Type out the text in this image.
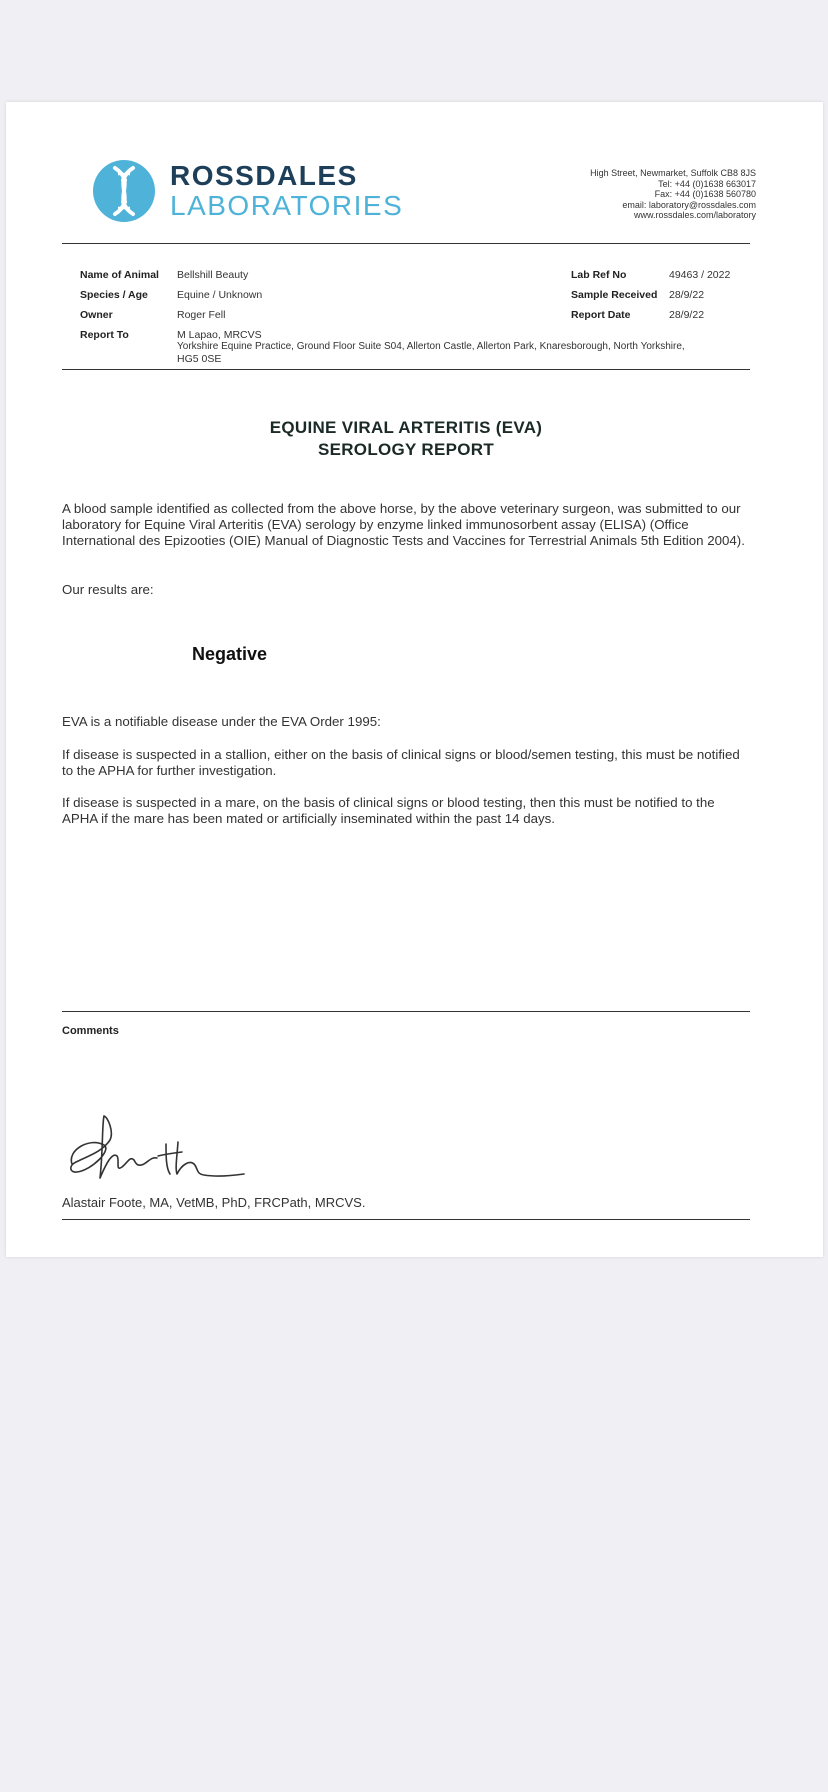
ROSSDALES
LABORATORIES
High Street, Newmarket, Suffolk CB8 8JS
Tel: +44 (0)1638 663017
Fax: +44 (0)1638 560780
email: laboratory@rossdales.com
www.rossdales.com/laboratory
Name of Animal Bellshill Beauty
Species / Age	Equine / Unknown
Owner	Roger Fell
Report To	M Lapao, MRCVS
Yorkshire Equine Practice, Ground Floor Suite S04, Allerton Castle, Allerton Park, Knaresborough, North Yorkshire,
HG5 0SE
Lab Ref No	49463 / 2022
Sample Received 28/9/22
Report Date	28/9/22
EQUINE VIRAL ARTERITIS (EVA)
SEROLOGY REPORT
A blood sample identified as collected from the above horse, by the above veterinary surgeon, was submitted to our laboratory for Equine Viral Arteritis (EVA) serology by enzyme linked immunosorbent assay (ELISA) (Office International des Epizooties (OIE) Manual of Diagnostic Tests and Vaccines for Terrestrial Animals 5th Edition 2004).
Our results are:
Negative
EVA is a notifiable disease under the EVA Order 1995:
If disease is suspected in a stallion, either on the basis of clinical signs or blood/semen testing, this must be notified to the APHA for further investigation.
If disease is suspected in a mare, on the basis of clinical signs or blood testing, then this must be notified to the APHA if the mare has been mated or artificially inseminated within the past 14 days.
Comments
Alastair Foote, MA, VetMB, PhD, FRCPath, MRCVS.
